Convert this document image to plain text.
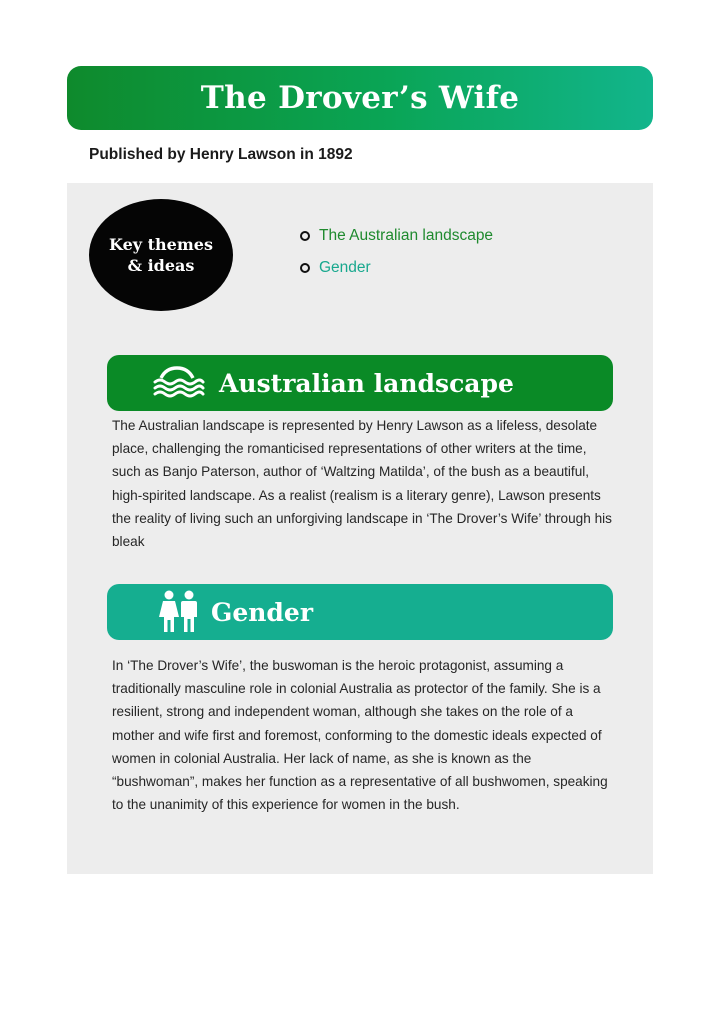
The Drover’s Wife
Published by Henry Lawson in 1892
Key themes
& ideas
The Australian landscape
Gender
Australian landscape

The Australian landscape is represented by Henry Lawson as a lifeless, desolate place, challenging the romanticised representations of other writers at the time, such as Banjo Paterson, author of ‘Waltzing Matilda’, of the bush as a beautiful, high-spirited landscape. As a realist (realism is a literary genre), Lawson presents the reality of living such an unforgiving landscape in ‘The Drover’s Wife’ through his bleak

Gender

In ‘The Drover’s Wife’, the buswoman is the heroic protagonist, assuming a traditionally masculine role in colonial Australia as protector of the family. She is a resilient, strong and independent woman, although she takes on the role of a mother and wife first and foremost, conforming to the domestic ideals expected of women in colonial Australia. Her lack of name, as she is known as the “bushwoman”, makes her function as a representative of all bushwomen, speaking to the unanimity of this experience for women in the bush.
